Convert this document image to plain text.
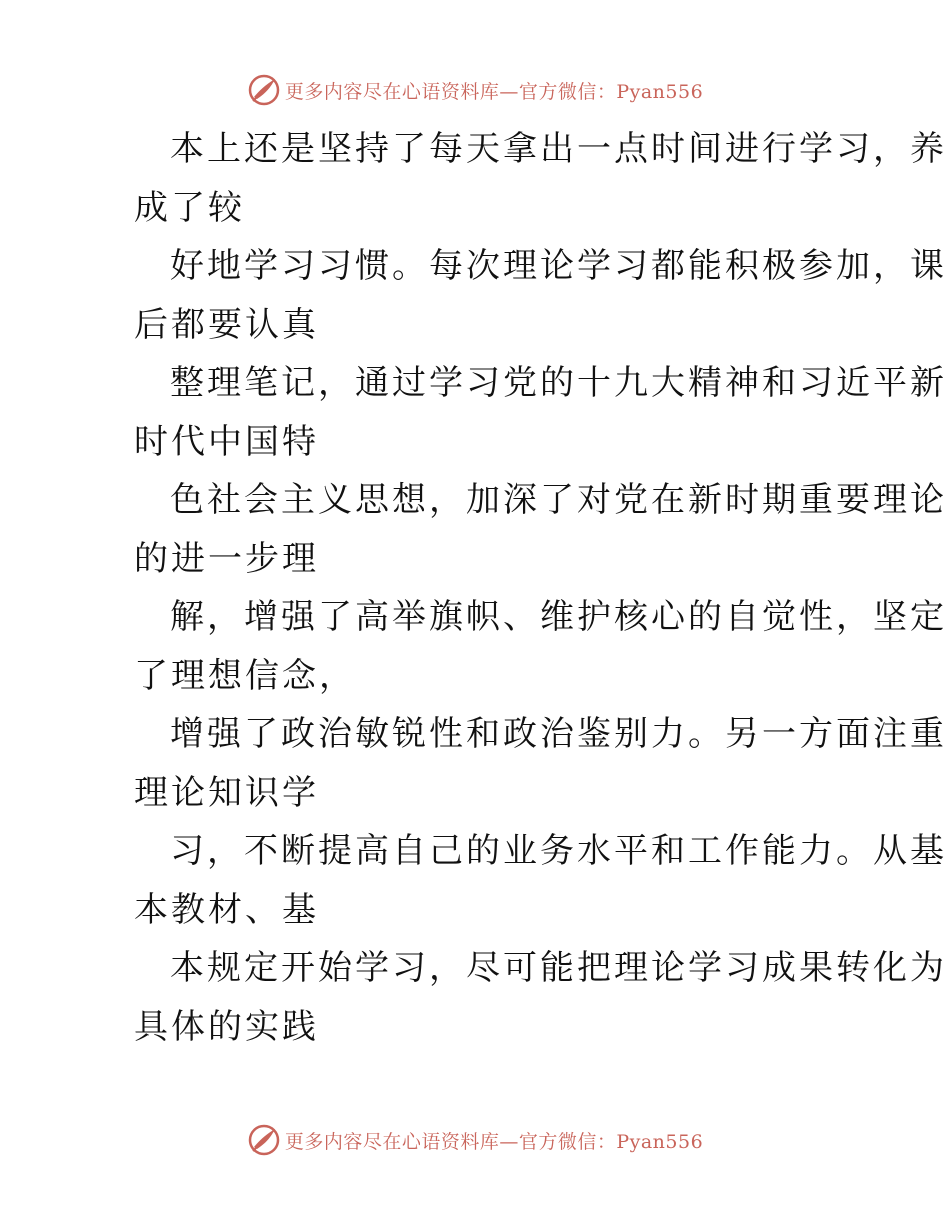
更多内容尽在心语资料库—官方微信：Pyan556
本上还是坚持了每天拿出一点时间进行学习，养
成了较
好地学习习惯。每次理论学习都能积极参加，课
后都要认真
整理笔记，通过学习党的十九大精神和习近平新
时代中国特
色社会主义思想，加深了对党在新时期重要理论
的进一步理
解，增强了高举旗帜、维护核心的自觉性，坚定
了理想信念，
增强了政治敏锐性和政治鉴别力。另一方面注重
理论知识学
习，不断提高自己的业务水平和工作能力。从基
本教材、基
本规定开始学习，尽可能把理论学习成果转化为
具体的实践
更多内容尽在心语资料库—官方微信：Pyan556
